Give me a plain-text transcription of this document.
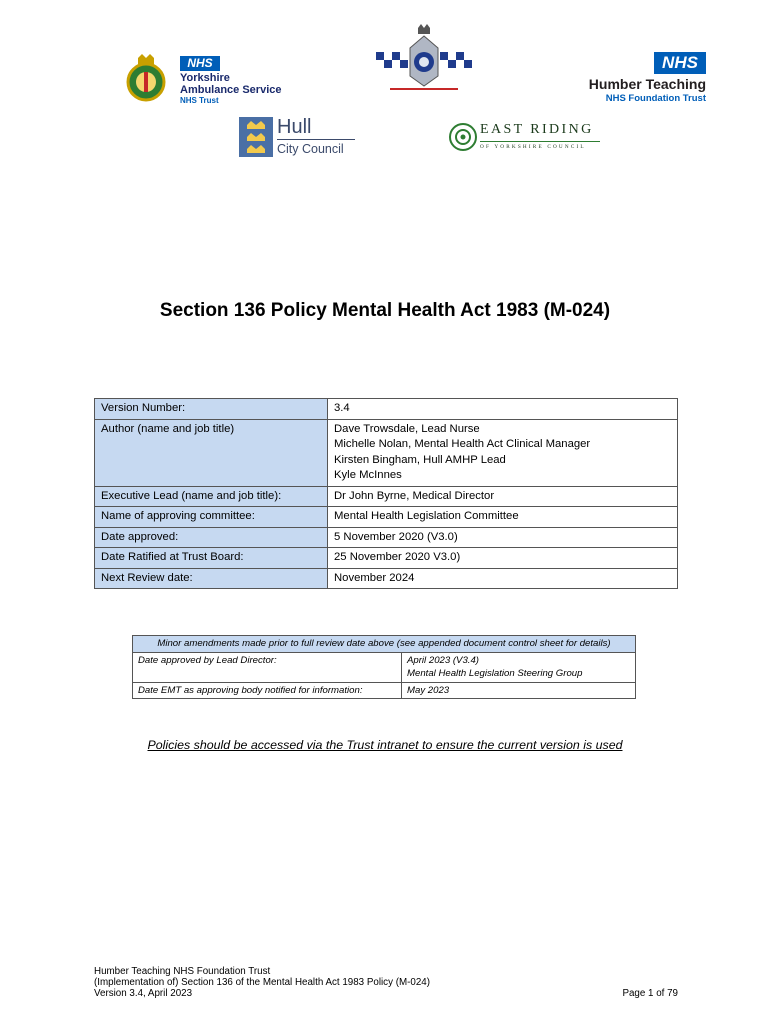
NHS
Yorkshire
Ambulance Service
NHS Trust
NHS
Humber Teaching
NHS Foundation Trust
Hull
City Council
EAST RIDING
OF YORKSHIRE COUNCIL
Section 136 Policy Mental Health Act 1983 (M-024)
Version Number:	3.4

Author (name and job title)	Dave Trowsdale, Lead Nurse
Michelle Nolan, Mental Health Act Clinical Manager
Kirsten Bingham, Hull AMHP Lead
Kyle McInnes

Executive Lead (name and job title):	Dr John Byrne, Medical Director

Name of approving committee:	Mental Health Legislation Committee

Date approved:	5 November 2020 (V3.0)

Date Ratified at Trust Board:	25 November 2020 V3.0)

Next Review date:	November 2024
Minor amendments made prior to full review date above (see appended document control sheet for details)	
Date approved by Lead Director:	April 2023 (V3.4)
Mental Health Legislation Steering Group

Date EMT as approving body notified for information:	May 2023
Policies should be accessed via the Trust intranet to ensure the current version is used
Humber Teaching NHS Foundation Trust
(Implementation of) Section 136 of the Mental Health Act 1983 Policy (M-024)
Version 3.4, April 2023	Page 1 of 79
